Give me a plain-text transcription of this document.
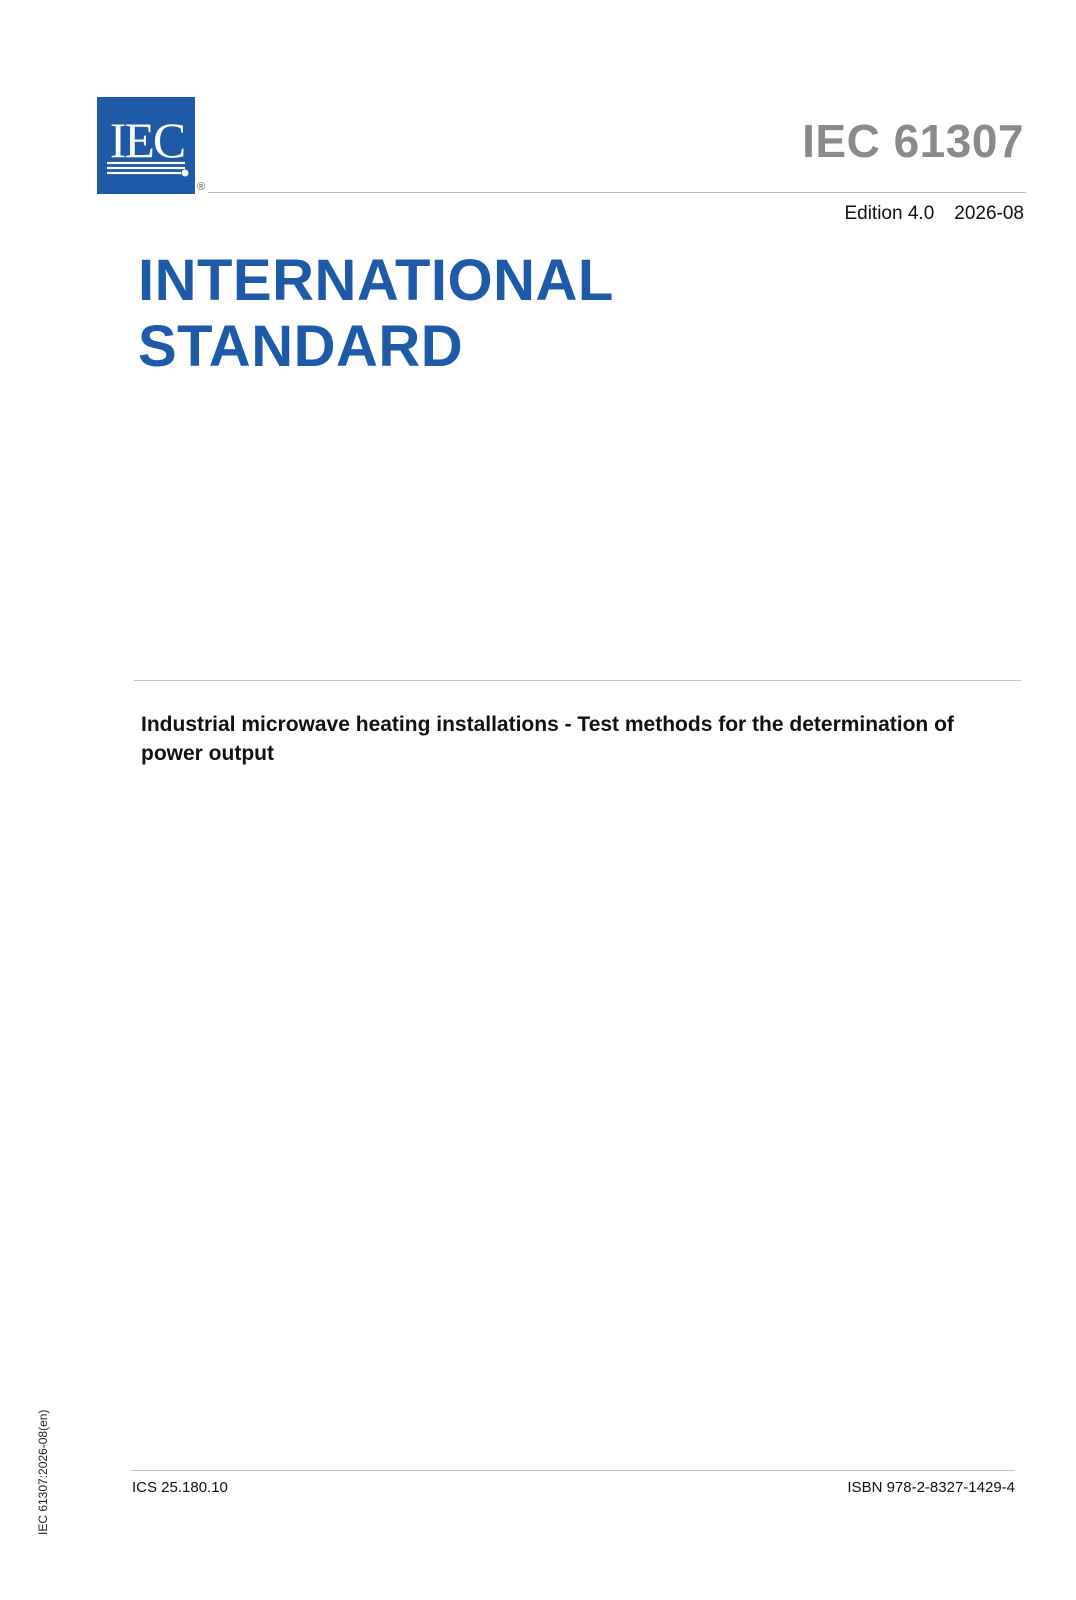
IEC
®
IEC 61307
Edition 4.0 2026-08
INTERNATIONAL
STANDARD
Industrial microwave heating installations - Test methods for the determination of power output
ICS 25.180.10	ISBN 978-2-8327-1429-4
IEC 61307:2026-08(en)
